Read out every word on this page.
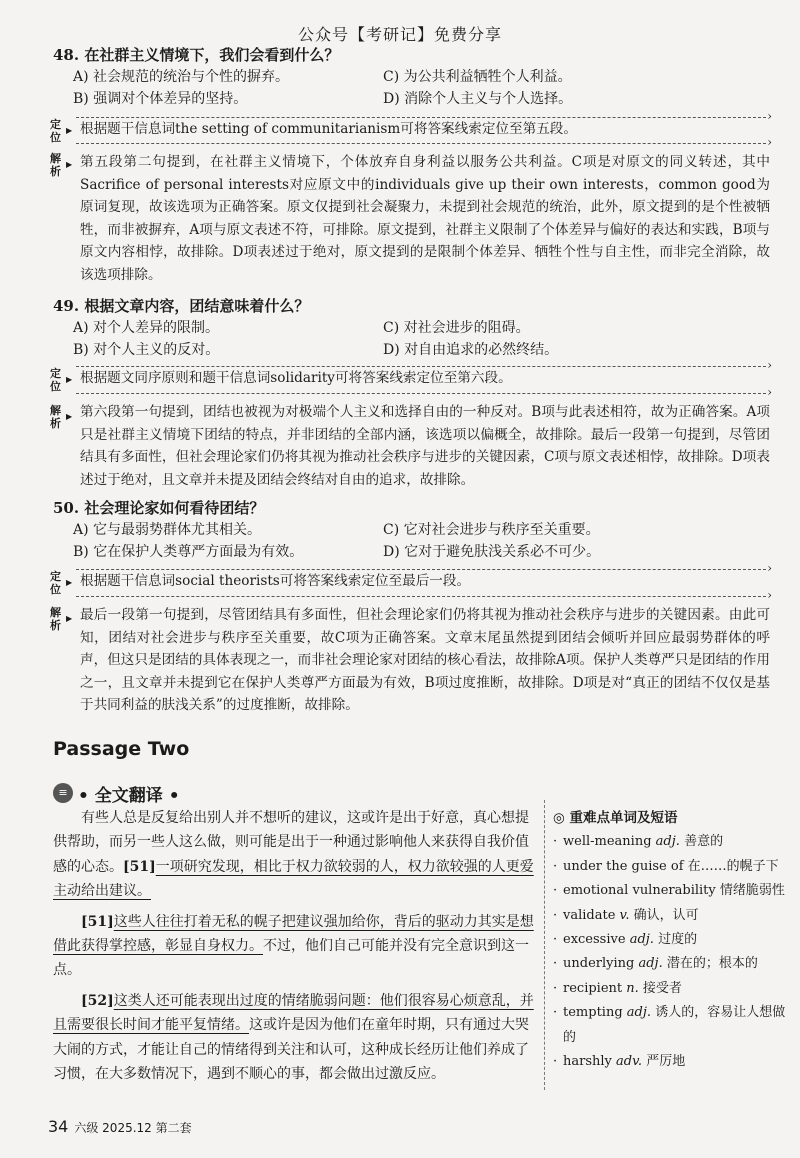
公众号【考研记】免费分享
48. 在社群主义情境下，我们会看到什么？
A) 社会规范的统治与个性的摒弃。	C) 为公共利益牺牲个人利益。
B) 强调对个体差异的坚持。	D) 消除个人主义与个人选择。
›
定位
▶ 根据题干信息词the setting of communitarianism可将答案线索定位至第五段。
›
解析
▶ 第五段第二句提到，在社群主义情境下，个体放弃自身利益以服务公共利益。C项是对原文的同义转述，其中Sacrifice of personal interests对应原文中的individuals give up their own interests，common good为原词复现，故该选项为正确答案。原文仅提到社会凝聚力，未提到社会规范的统治，此外，原文提到的是个性被牺牲，而非被摒弃，A项与原文表述不符，可排除。原文提到，社群主义限制了个体差异与偏好的表达和实践，B项与原文内容相悖，故排除。D项表述过于绝对，原文提到的是限制个体差异、牺牲个性与自主性，而非完全消除，故该选项排除。
49. 根据文章内容，团结意味着什么？
A) 对个人差异的限制。	C) 对社会进步的阻碍。
B) 对个人主义的反对。	D) 对自由追求的必然终结。
›
定位
▶ 根据题文同序原则和题干信息词solidarity可将答案线索定位至第六段。
›
解析
▶ 第六段第一句提到，团结也被视为对极端个人主义和选择自由的一种反对。B项与此表述相符，故为正确答案。A项只是社群主义情境下团结的特点，并非团结的全部内涵，该选项以偏概全，故排除。最后一段第一句提到，尽管团结具有多面性，但社会理论家们仍将其视为推动社会秩序与进步的关键因素，C项与原文表述相悖，故排除。D项表述过于绝对，且文章并未提及团结会终结对自由的追求，故排除。
50. 社会理论家如何看待团结？
A) 它与最弱势群体尤其相关。	C) 它对社会进步与秩序至关重要。
B) 它在保护人类尊严方面最为有效。	D) 它对于避免肤浅关系必不可少。
›
定位
▶ 根据题干信息词social theorists可将答案线索定位至最后一段。
›
解析
▶ 最后一段第一句提到，尽管团结具有多面性，但社会理论家们仍将其视为推动社会秩序与进步的关键因素。由此可知，团结对社会进步与秩序至关重要，故C项为正确答案。文章末尾虽然提到团结会倾听并回应最弱势群体的呼声，但这只是团结的具体表现之一，而非社会理论家对团结的核心看法，故排除A项。保护人类尊严只是团结的作用之一，且文章并未提到它在保护人类尊严方面最为有效，B项过度推断，故排除。D项是对“真正的团结不仅仅是基于共同利益的肤浅关系”的过度推断，故排除。
Passage Two
≡ • 全文翻译 •

有些人总是反复给出别人并不想听的建议，这或许是出于好意，真心想提供帮助，而另一些人这么做，则可能是出于一种通过影响他人来获得自我价值感的心态。[51]一项研究发现，相比于权力欲较弱的人，权力欲较强的人更爱主动给出建议。

[51]这些人往往打着无私的幌子把建议强加给你，背后的驱动力其实是想借此获得掌控感，彰显自身权力。不过，他们自己可能并没有完全意识到这一点。

[52]这类人还可能表现出过度的情绪脆弱问题：他们很容易心烦意乱，并且需要很长时间才能平复情绪。这或许是因为他们在童年时期，只有通过大哭大闹的方式，才能让自己的情绪得到关注和认可，这种成长经历让他们养成了习惯，在大多数情况下，遇到不顺心的事，都会做出过激反应。

◎ 重难点单词及短语
· well-meaning adj. 善意的
· under the guise of 在……的幌子下
· emotional vulnerability 情绪脆弱性
· validate v. 确认，认可
· excessive adj. 过度的
· underlying adj. 潜在的；根本的
· recipient n. 接受者
· tempting adj. 诱人的，容易让人想做的
· harshly adv. 严厉地
34 六级 2025.12 第二套
